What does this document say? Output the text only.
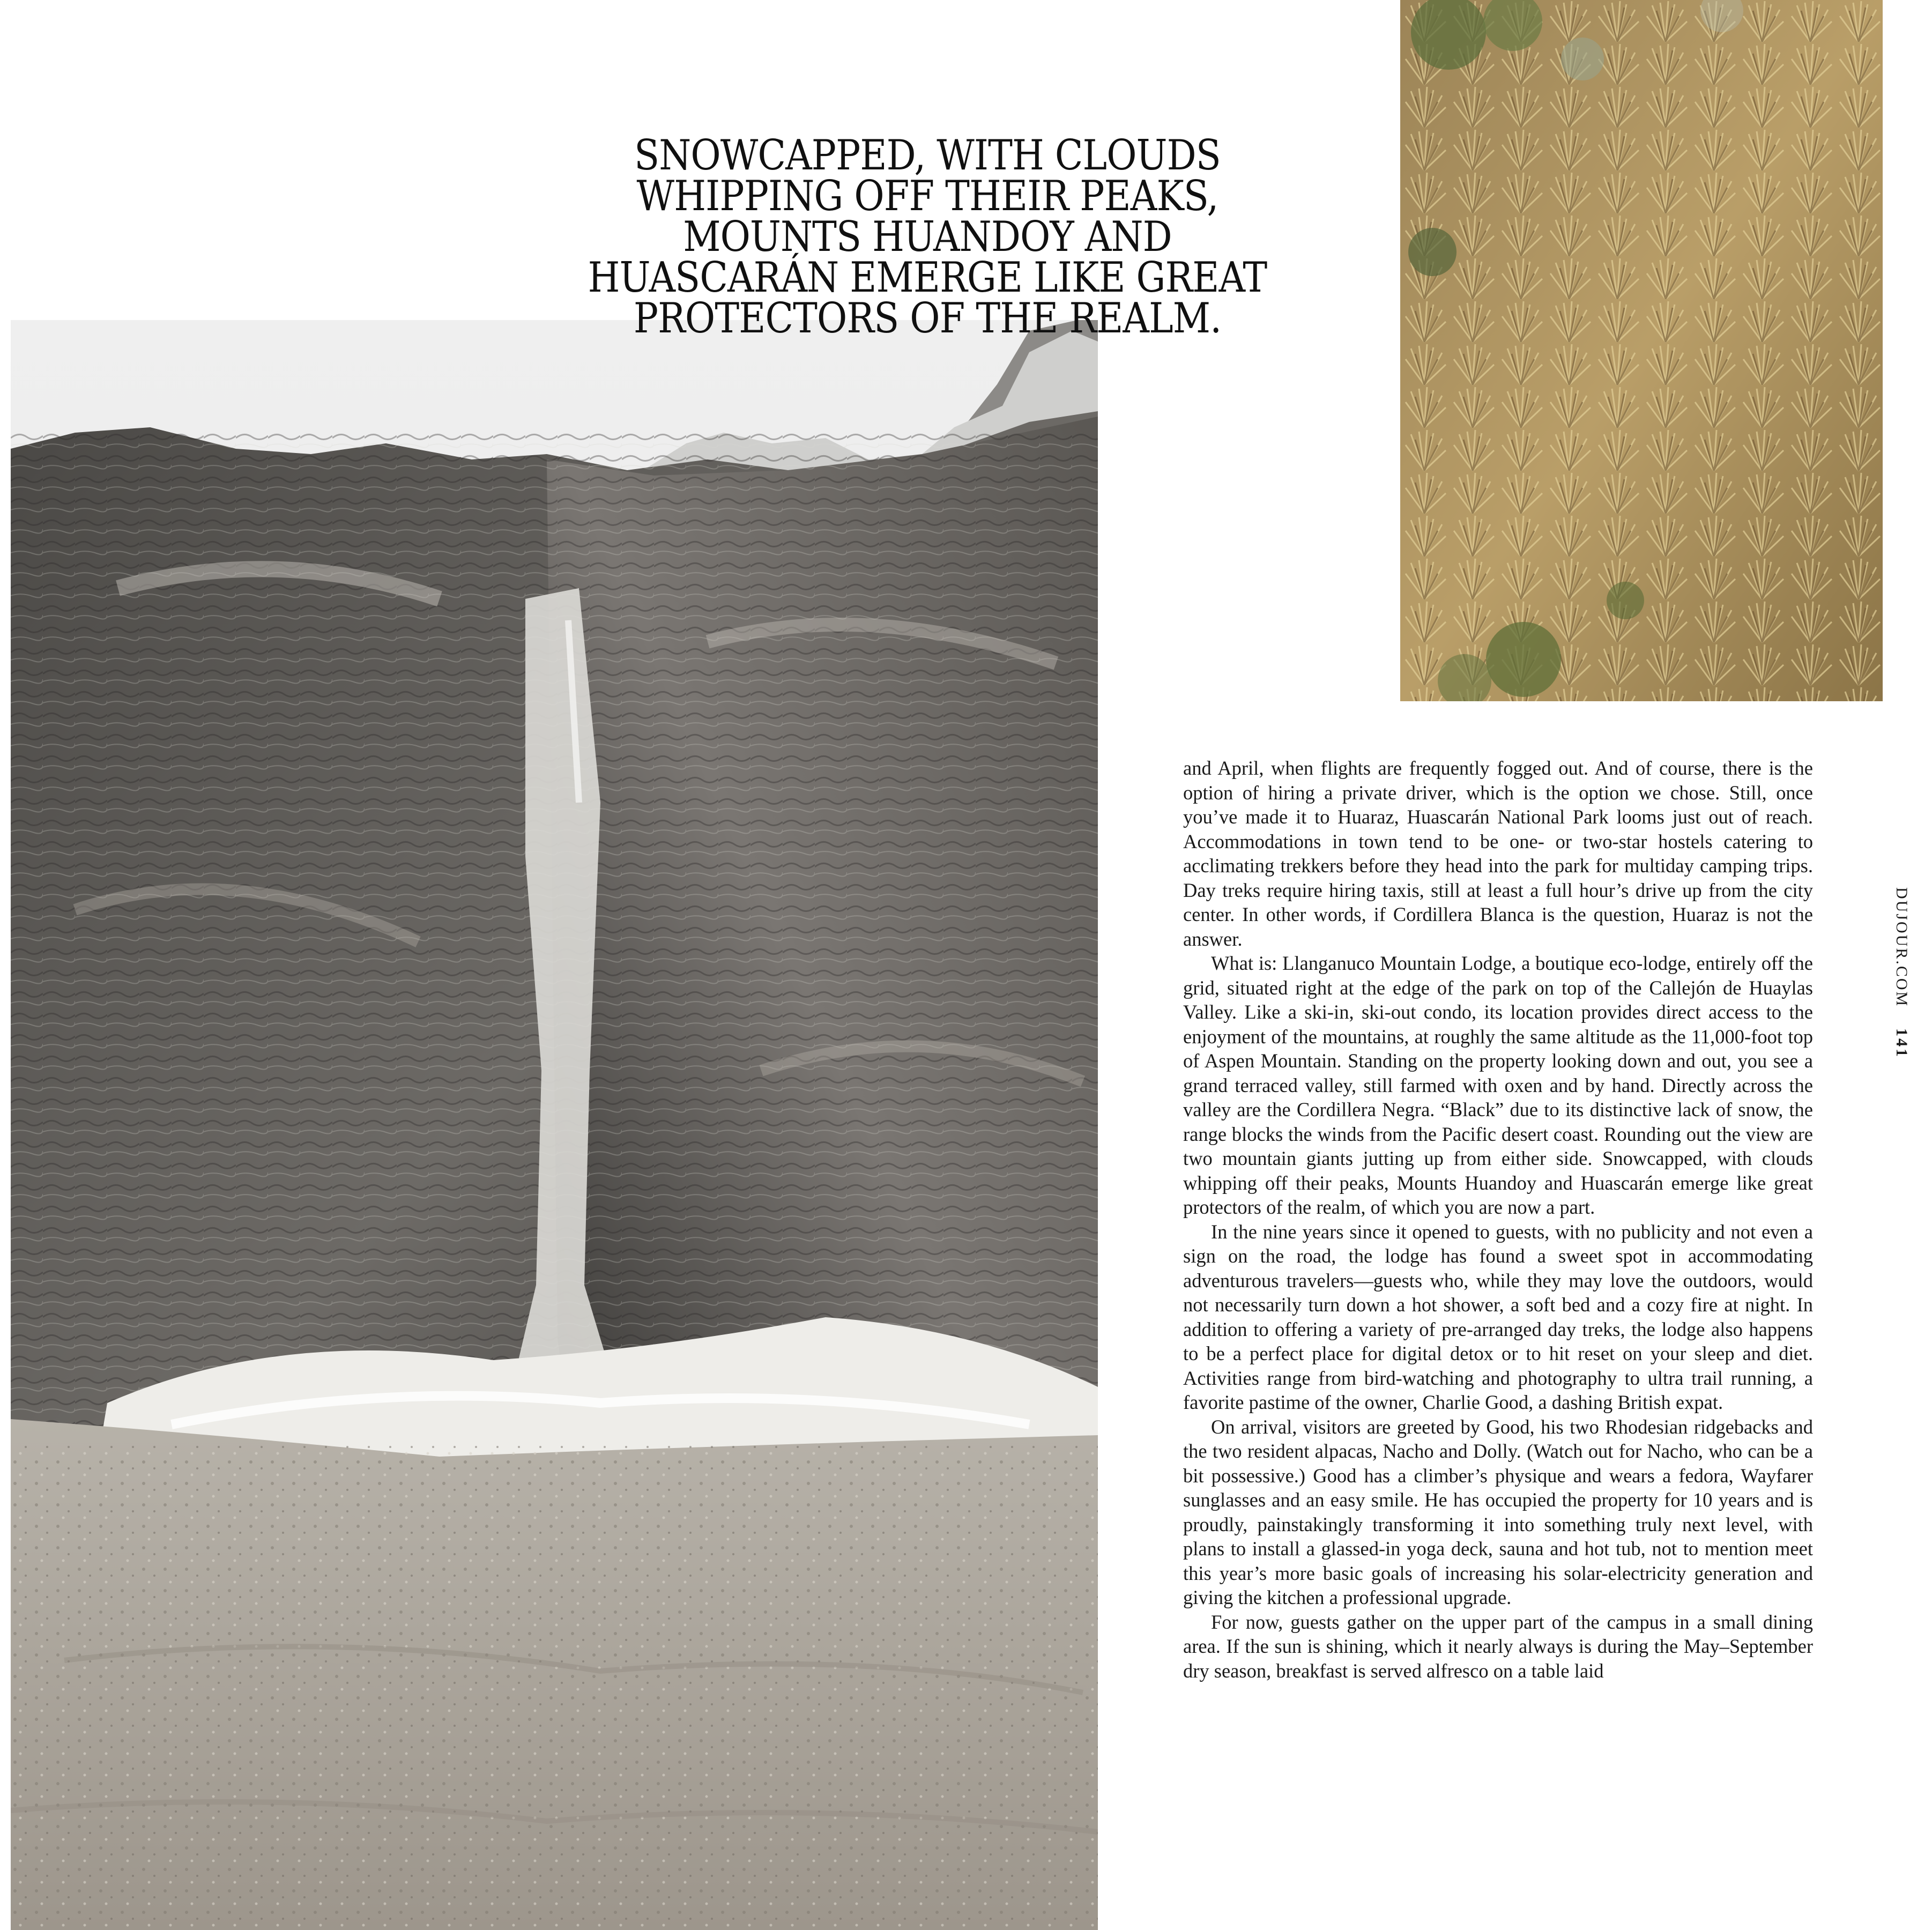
SNOWCAPPED, WITH CLOUDS
WHIPPING OFF THEIR PEAKS,
MOUNTS HUANDOY AND
HUASCARÁN EMERGE LIKE GREAT
PROTECTORS OF THE REALM.

and April, when flights are frequently fogged out. And of course, there is the option of hiring a private driver, which is the option we chose. Still, once you’ve made it to Huaraz, Huascarán National Park looms just out of reach. Accommodations in town tend to be one- or two-star hostels catering to acclimating trekkers before they head into the park for multiday camping trips. Day treks require hiring taxis, still at least a full hour’s drive up from the city center. In other words, if Cordillera Blanca is the question, Huaraz is not the answer.

What is: Llanganuco Mountain Lodge, a boutique eco-lodge, entirely off the grid, situated right at the edge of the park on top of the Callejón de Huaylas Valley. Like a ski-in, ski-out condo, its location provides direct access to the enjoyment of the mountains, at roughly the same altitude as the 11,000-foot top of Aspen Mountain. Standing on the property looking down and out, you see a grand terraced valley, still farmed with oxen and by hand. Directly across the valley are the Cordillera Negra. “Black” due to its distinctive lack of snow, the range blocks the winds from the Pacific desert coast. Rounding out the view are two mountain giants jutting up from either side. Snowcapped, with clouds whipping off their peaks, Mounts Huandoy and Huascarán emerge like great protectors of the realm, of which you are now a part.

In the nine years since it opened to guests, with no publicity and not even a sign on the road, the lodge has found a sweet spot in accommodating adventurous travelers—guests who, while they may love the outdoors, would not necessarily turn down a hot shower, a soft bed and a cozy fire at night. In addition to offering a variety of pre-arranged day treks, the lodge also happens to be a perfect place for digital detox or to hit reset on your sleep and diet. Activities range from bird-watching and photography to ultra trail running, a favorite pastime of the owner, Charlie Good, a dashing British expat.

On arrival, visitors are greeted by Good, his two Rhodesian ridgebacks and the two resident alpacas, Nacho and Dolly. (Watch out for Nacho, who can be a bit possessive.) Good has a climber’s physique and wears a fedora, Wayfarer sunglasses and an easy smile. He has occupied the property for 10 years and is proudly, painstakingly transforming it into something truly next level, with plans to install a glassed-in yoga deck, sauna and hot tub, not to mention meet this year’s more basic goals of increasing his solar-electricity generation and giving the kitchen a professional upgrade.

For now, guests gather on the upper part of the campus in a small dining area. If the sun is shining, which it nearly always is during the May–September dry season, breakfast is served alfresco on a table laid

DUJOUR.COM 141
